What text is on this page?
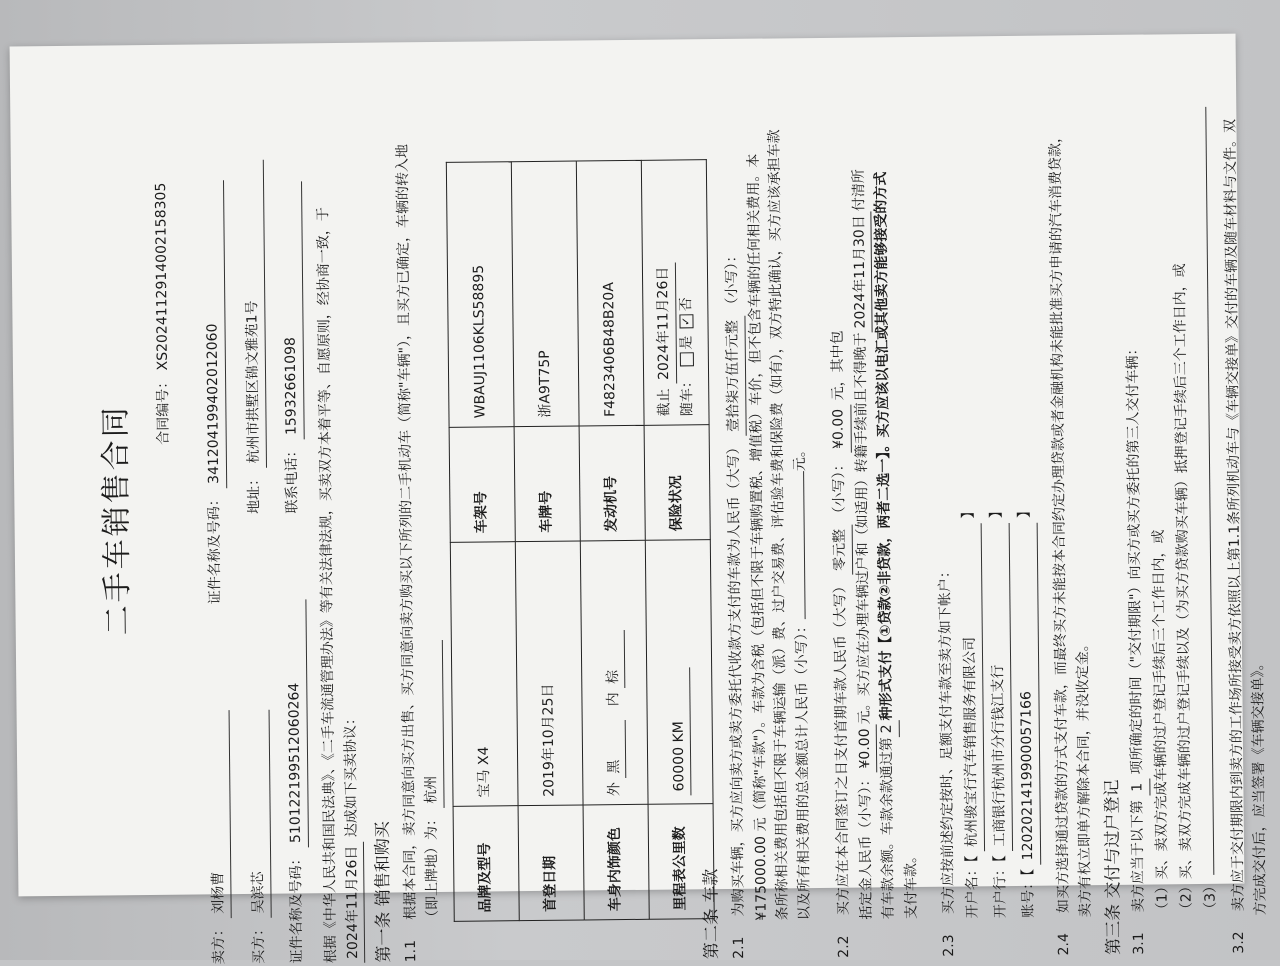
二手车销售合同	合同编号： XS20241129140021​58305
卖方： 刘杨曹
证件名称及号码： 341204199402012060
买方： 吴滨芯
地址： 杭州市拱墅区锦文雅苑1号
证件名称及号码： 510122199512060264
联系电话： 15932661098	根据《中华人民共和国民法典》、《二手车流通管理办法》等有关法律法规，买卖双方本着平等、自愿原则，经协商一致，于 2024年11月26日 达成如下买卖协议：
第一条 销售和购买 1.1 根据本合同，卖方同意向买方出售、买方同意向卖方购买以下所列的二手机动车（简称"车辆"），且买方已确定，车辆的转入地 （即上牌地）为： 杭州
品牌及型号	宝马 X4	车架号	WBAUJ1106KLS58895
首登日期	2019年10月25日	车牌号	浙A9T75P
车身内饰颜色	外 黑   内 棕	发动机号	F4823406B48B20A
里程表公里数	60000 KM	保险状况	截止 2024年11月26日
随车： 是 ✓否
第二条 车款 2.1 为购买车辆，买方应向卖方或卖方委托代收款方支付的车款为人民币（大写） 壹拾柒万伍仟元整 （小写）： ¥175000.00 元（简称"车款"）。车款为含税（包括但不限于车辆购置税、增值税）车价，但不包含车辆的任何相关费用。本
条所称相关费用包括但不限于车辆运输（派）费、过户交易费、评估验车费和保险费（如有），双方特此确认，买方应该承担车款 以及所有相关费用的总金额总计人民币（小写）：元。
2.2 买方应在本合同签订之日支付首期车款人民币（大写） 零元整 （小写）： ¥0.00 元，其中包
括定金人民币（小写）：¥0.00元。买方应在办理车辆过户和（如适用）转籍手续前且不得晚于2024年11月30日付清所
有车款余额。车款余款通过第2种形式支付【①贷款②非贷款，两者二选一】。买方应该以电汇或其他卖方能够接受的方式
支付车款。
2.3 买方应按前述约定按时、足额支付车款至卖方如下帐户： 开户名：【 杭州骏宝行汽车销售服务有限公司 】
开户行：【 工商银行杭州市分行钱江支行 】
账号：【 1202021419900057166 】
2.4 如买方选择通过贷款的方式支付车款，而最终买方未能按本合同约定办理贷款或者金融机构未能批准买方申请的汽车消费贷款， 卖方有权立即单方解除本合同，并没收定金。 第三条 交付与过户登记 3.1 卖方应当于以下第 1 项所确定的时间（"交付期限"）向买方或买方委托的第三人交付车辆： （1）买、卖双方完成车辆的过户登记手续后三个工作日内，或 （2）买、卖双方完成车辆的过户登记手续以及（为买方贷款购买车辆）抵押登记手续后三个工作日内，或 （3）
3.2 卖方应于交付期限内到卖方的工作场所接受卖方依照以上第1.1条所列机动车与《车辆交接单》交付的车辆及随车材料与文件。双 方完成交付后，应当签署《车辆交接单》。
